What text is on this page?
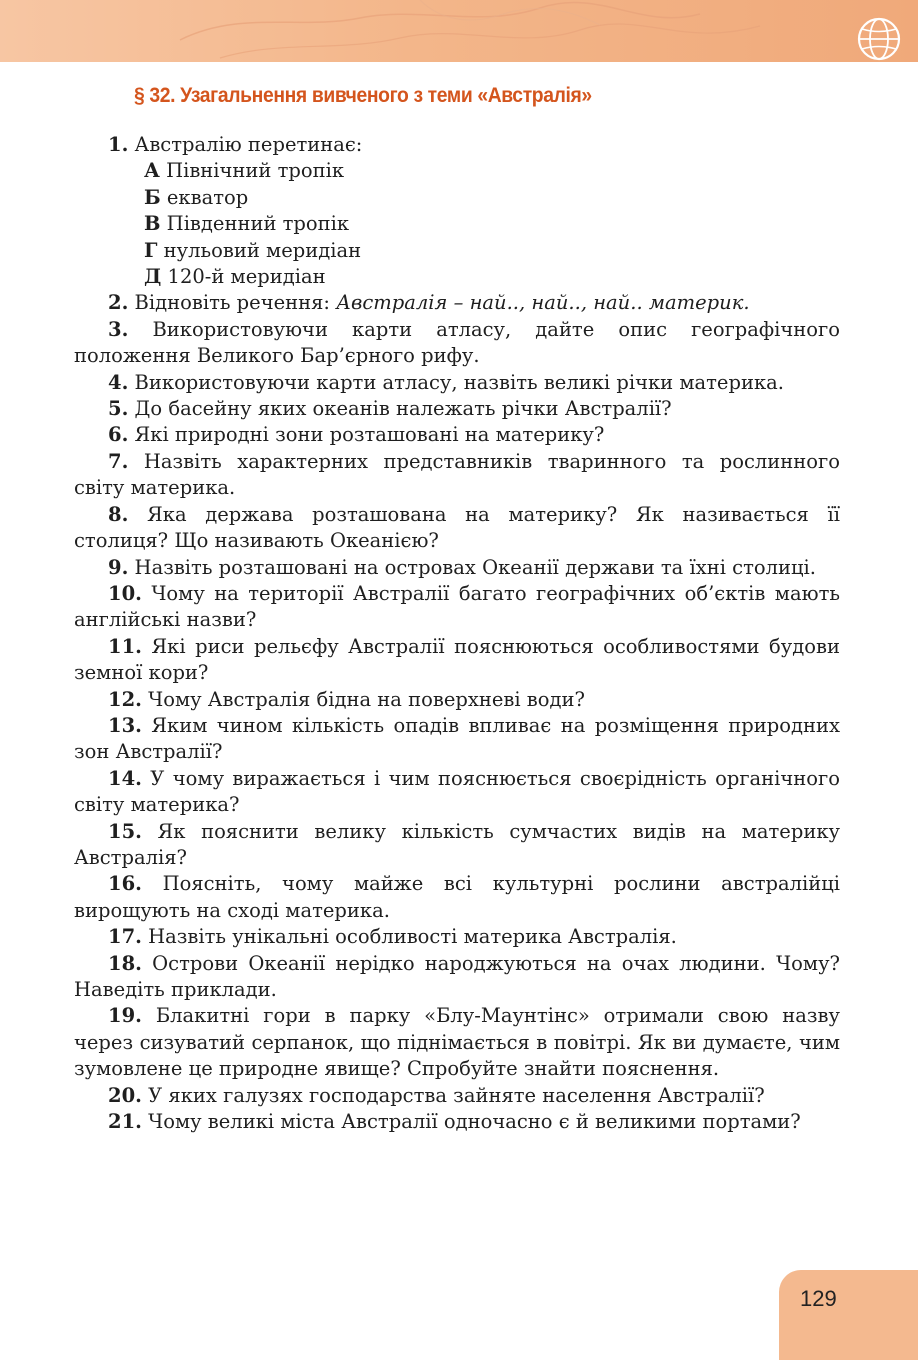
§ 32. Узагальнення вивченого з теми «Австралія»

1. Австралію перетинає:

А Північний тропік

Б екватор

В Південний тропік

Г нульовий меридіан

Д 120-й меридіан

2. Відновіть речення: Австралія – най.., най.., най.. материк.

3. Використовуючи карти атласу, дайте опис географічного положення Великого Бар’єрного рифу.

4. Використовуючи карти атласу, назвіть великі річки материка.

5. До басейну яких океанів належать річки Австралії?

6. Які природні зони розташовані на материку?

7. Назвіть характерних представників тваринного та рослинного світу материка.

8. Яка держава розташована на материку? Як називається її столиця? Що називають Океанією?

9. Назвіть розташовані на островах Океанії держави та їхні столиці.

10. Чому на території Австралії багато географічних об’єктів мають англійські назви?

11. Які риси рельєфу Австралії пояснюються особливостями будови земної кори?

12. Чому Австралія бідна на поверхневі води?

13. Яким чином кількість опадів впливає на розміщення природних зон Австралії?

14. У чому виражається і чим пояснюється своєрідність органічного світу материка?

15. Як пояснити велику кількість сумчастих видів на материку Австралія?

16. Поясніть, чому майже всі культурні рослини австралійці вирощують на сході материка.

17. Назвіть унікальні особливості материка Австралія.

18. Острови Океанії нерідко народжуються на очах людини. Чому? Наведіть приклади.

19. Блакитні гори в парку «Блу-Маунтінс» отримали свою назву через сизуватий серпанок, що піднімається в повітрі. Як ви думаєте, чим зумовлене це природне явище? Спробуйте знайти пояснення.

20. У яких галузях господарства зайняте населення Австралії?

21. Чому великі міста Австралії одночасно є й великими портами?

129
